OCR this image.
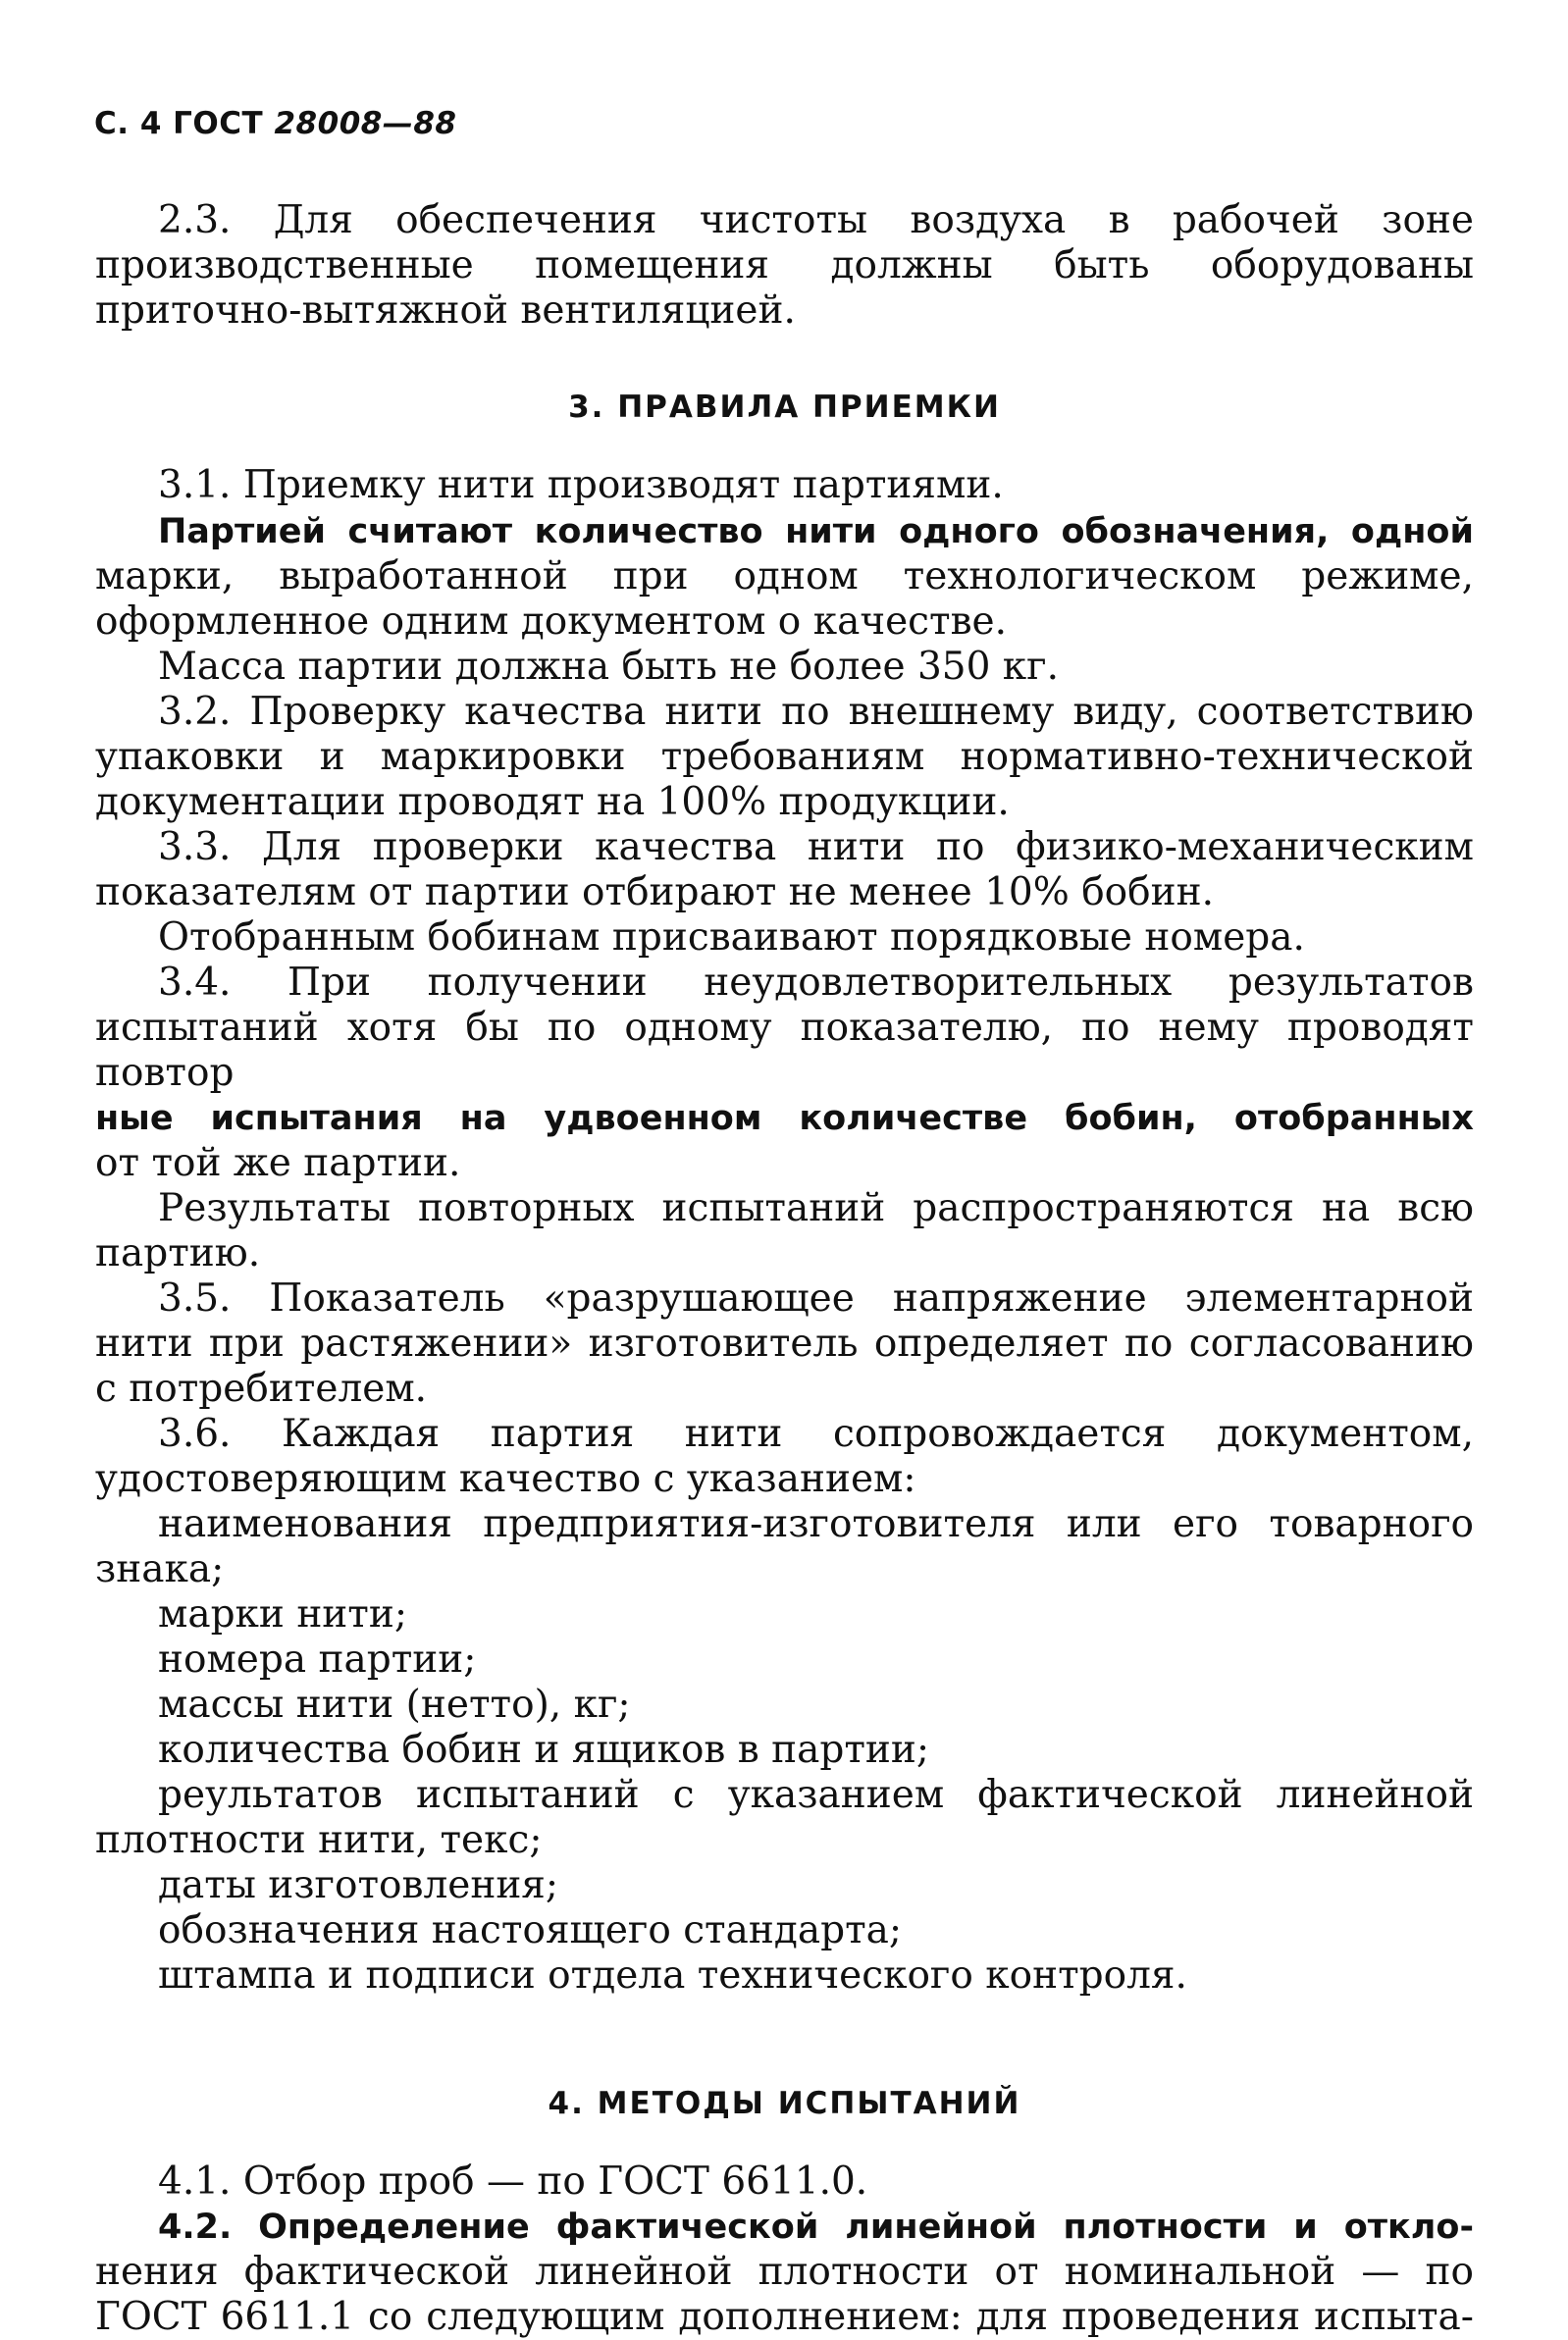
С. 4 ГОСТ 28008—88

2.3. Для обеспечения чистоты воздуха в рабочей зоне производственные помещения должны быть оборудованы приточно-вытяжной вентиляцией.

3. ПРАВИЛА ПРИЕМКИ

3.1. Приемку нити производят партиями.

Партией считают количество нити одного обозначения, одной марки, выработанной при одном технологическом режиме, оформленное одним документом о качестве.

Масса партии должна быть не более 350 кг.

3.2. Проверку качества нити по внешнему виду, соответствию упаковки и маркировки требованиям нормативно-технической документации проводят на 100% продукции.

3.3. Для проверки качества нити по физико-механическим показателям от партии отбирают не менее 10% бобин.

Отобранным бобинам присваивают порядковые номера.

3.4. При получении неудовлетворительных результатов испытаний хотя бы по одному показателю, по нему проводят повтор

ные испытания на удвоенном количестве бобин, отобранных

от той же партии.

Результаты повторных испытаний распространяются на всю партию.

3.5. Показатель «разрушающее напряжение элементарной нити при растяжении» изготовитель определяет по согласованию с потребителем.

3.6. Каждая партия нити сопровождается документом, удостоверяющим качество с указанием:

наименования предприятия-изготовителя или его товарного знака;

марки нити;

номера партии;

массы нити (нетто), кг;

количества бобин и ящиков в партии;

реультатов испытаний с указанием фактической линейной плотности нити, текс;

даты изготовления;

обозначения настоящего стандарта;

штампа и подписи отдела технического контроля.

4. МЕТОДЫ ИСПЫТАНИЙ

4.1. Отбор проб — по ГОСТ 6611.0.

4.2. Определение фактической линейной плотности и откло-

нения фактической линейной плотности от номинальной — по ГОСТ 6611.1 со следующим дополнением: для проведения испыта-
